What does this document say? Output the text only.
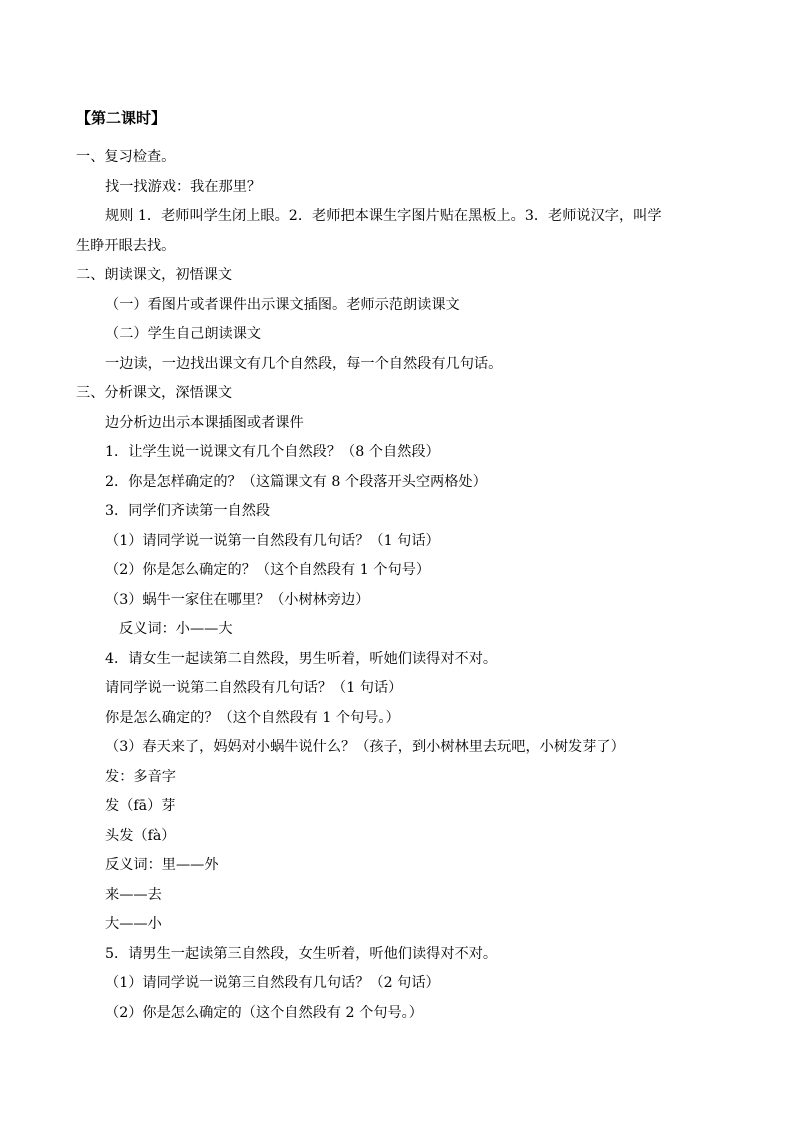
【第二课时】
一、复习检查。
找一找游戏：我在那里？
规则 1．老师叫学生闭上眼。2．老师把本课生字图片贴在黑板上。3．老师说汉字，叫学
生睁开眼去找。
二、朗读课文，初悟课文
（一）看图片或者课件出示课文插图。老师示范朗读课文
（二）学生自己朗读课文
一边读，一边找出课文有几个自然段，每一个自然段有几句话。
三、分析课文，深悟课文
边分析边出示本课插图或者课件
1．让学生说一说课文有几个自然段？（8 个自然段）
2．你是怎样确定的？（这篇课文有 8 个段落开头空两格处）
3．同学们齐读第一自然段
（1）请同学说一说第一自然段有几句话？（1 句话）
（2）你是怎么确定的？（这个自然段有 1 个句号）
（3）蜗牛一家住在哪里？（小树林旁边）
反义词：小——大
4．请女生一起读第二自然段，男生听着，听她们读得对不对。
请同学说一说第二自然段有几句话？（1 句话）
你是怎么确定的？（这个自然段有 1 个句号。）
（3）春天来了，妈妈对小蜗牛说什么？（孩子，到小树林里去玩吧，小树发芽了）
发：多音字
发（fā）芽
头发（fà）
反义词：里——外
来——去
大——小
5．请男生一起读第三自然段，女生听着，听他们读得对不对。
（1）请同学说一说第三自然段有几句话？（2 句话）
（2）你是怎么确定的（这个自然段有 2 个句号。）
